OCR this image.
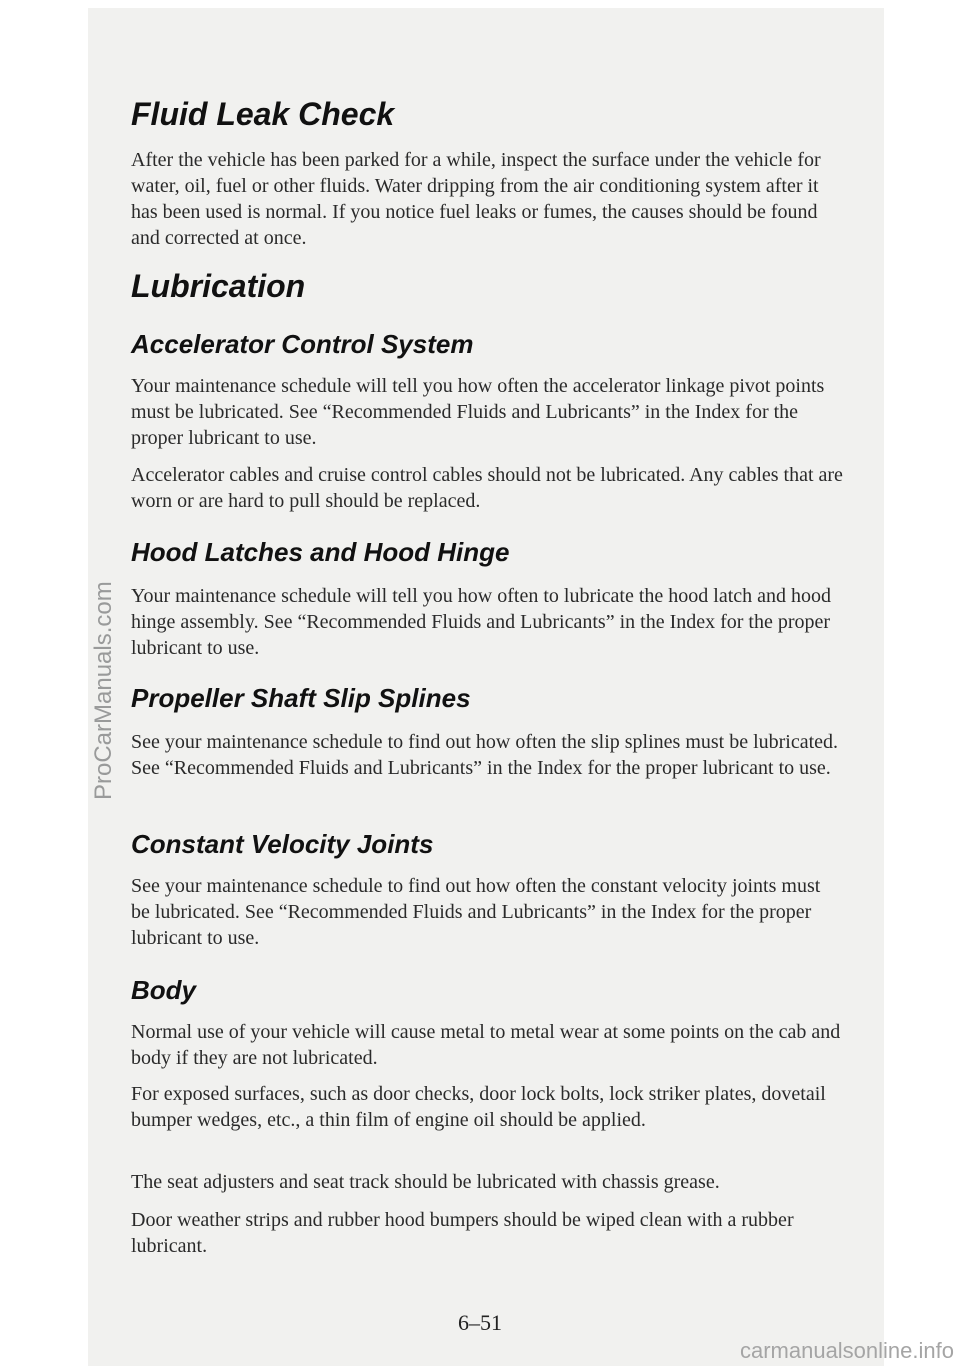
Fluid Leak Check

After the vehicle has been parked for a while, inspect the surface under the vehicle for water, oil, fuel or other fluids. Water dripping from the air conditioning system after it has been used is normal. If you notice fuel leaks or fumes, the causes should be found and corrected at once.

Lubrication
Accelerator Control System

Your maintenance schedule will tell you how often the accelerator linkage pivot points must be lubricated. See “Recommended Fluids and Lubricants” in the Index for the proper lubricant to use.

Accelerator cables and cruise control cables should not be lubricated. Any cables that are worn or are hard to pull should be replaced.

Hood Latches and Hood Hinge

Your maintenance schedule will tell you how often to lubricate the hood latch and hood hinge assembly. See “Recommended Fluids and Lubricants” in the Index for the proper lubricant to use.

Propeller Shaft Slip Splines

See your maintenance schedule to find out how often the slip splines must be lubricated. See “Recommended Fluids and Lubricants” in the Index for the proper lubricant to use.

Constant Velocity Joints

See your maintenance schedule to find out how often the constant velocity joints must be lubricated. See “Recommended Fluids and Lubricants” in the Index for the proper lubricant to use.

Body

Normal use of your vehicle will cause metal to metal wear at some points on the cab and body if they are not lubricated.

For exposed surfaces, such as door checks, door lock bolts, lock striker plates, dovetail bumper wedges, etc., a thin film of engine oil should be applied.

The seat adjusters and seat track should be lubricated with chassis grease.

Door weather strips and rubber hood bumpers should be wiped clean with a rubber lubricant.

6–51
carmanualsonline.info
